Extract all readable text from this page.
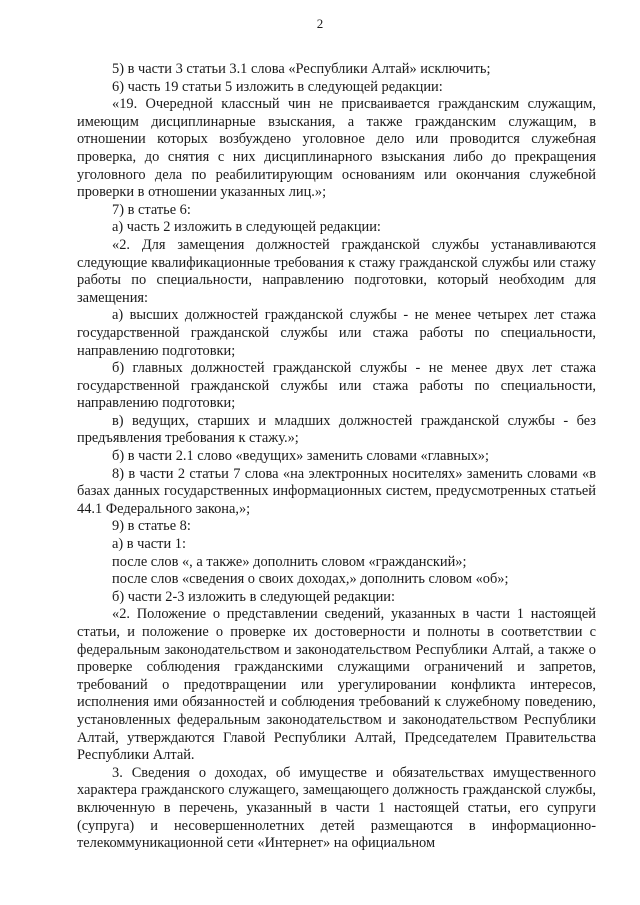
2

5) в части 3 статьи 3.1 слова «Республики Алтай» исключить;

6) часть 19 статьи 5 изложить в следующей редакции:

«19. Очередной классный чин не присваивается гражданским служащим, имеющим дисциплинарные взыскания, а также гражданским служащим, в отношении которых возбуждено уголовное дело или проводится служебная проверка, до снятия с них дисциплинарного взыскания либо до прекращения уголовного дела по реабилитирующим основаниям или окончания служебной проверки в отношении указанных лиц.»;

7) в статье 6:

а) часть 2 изложить в следующей редакции:

«2. Для замещения должностей гражданской службы устанавливаются следующие квалификационные требования к стажу гражданской службы или стажу работы по специальности, направлению подготовки, который необходим для замещения:

а) высших должностей гражданской службы - не менее четырех лет стажа государственной гражданской службы или стажа работы по специальности, направлению подготовки;

б) главных должностей гражданской службы - не менее двух лет стажа государственной гражданской службы или стажа работы по специальности, направлению подготовки;

в) ведущих, старших и младших должностей гражданской службы - без предъявления требования к стажу.»;

б) в части 2.1 слово «ведущих» заменить словами «главных»;

8) в части 2 статьи 7 слова «на электронных носителях» заменить словами «в базах данных государственных информационных систем, предусмотренных статьей 44.1 Федерального закона,»;

9) в статье 8:

а) в части 1:

после слов «, а также» дополнить словом «гражданский»;

после слов «сведения о своих доходах,» дополнить словом «об»;

б) части 2-3 изложить в следующей редакции:

«2. Положение о представлении сведений, указанных в части 1 настоящей статьи, и положение о проверке их достоверности и полноты в соответствии с федеральным законодательством и законодательством Республики Алтай, а также о проверке соблюдения гражданскими служащими ограничений и запретов, требований о предотвращении или урегулировании конфликта интересов, исполнения ими обязанностей и соблюдения требований к служебному поведению, установленных федеральным законодательством и законодательством Республики Алтай, утверждаются Главой Республики Алтай, Председателем Правительства Республики Алтай.

3. Сведения о доходах, об имуществе и обязательствах имущественного характера гражданского служащего, замещающего должность гражданской службы, включенную в перечень, указанный в части 1 настоящей статьи, его супруги (супруга) и несовершеннолетних детей размещаются в информационно-телекоммуникационной сети «Интернет» на официальном
